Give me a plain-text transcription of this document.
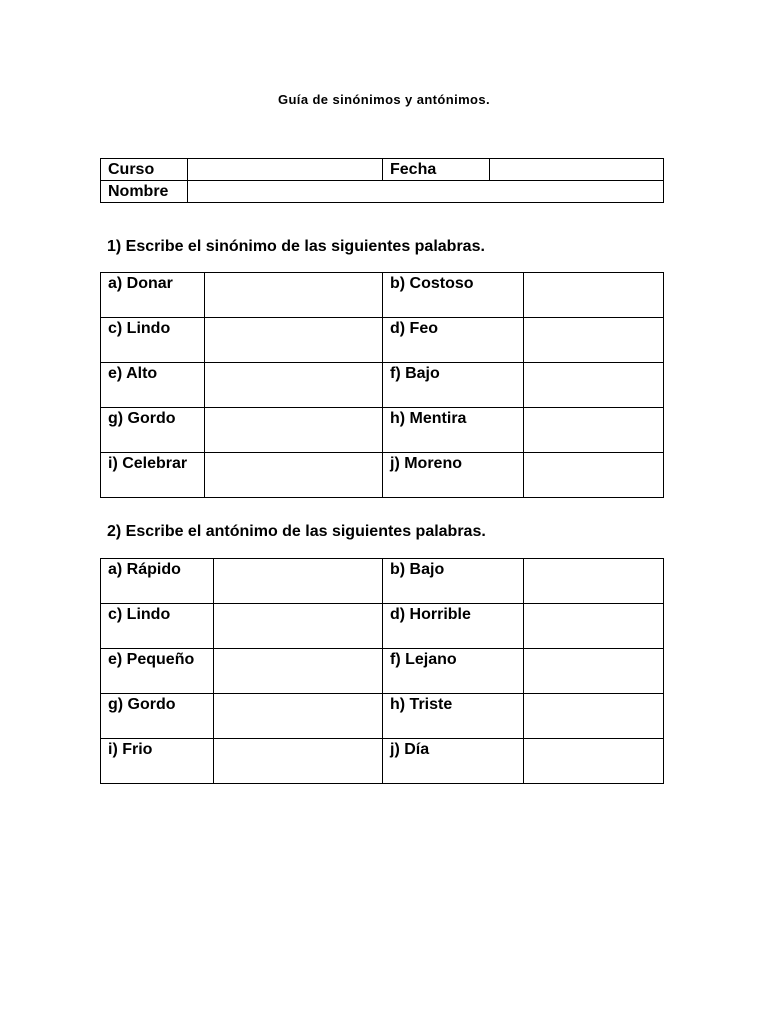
Guía de sinónimos y antónimos.
Curso		Fecha	
Nombre			
1) Escribe el sinónimo de las siguientes palabras.
a) Donar		b) Costoso	
c) Lindo		d) Feo	
e) Alto		f) Bajo	
g) Gordo		h) Mentira	
i) Celebrar		j) Moreno	
2) Escribe el antónimo de las siguientes palabras.
a) Rápido		b) Bajo	
c) Lindo		d) Horrible	
e) Pequeño		f) Lejano	
g) Gordo		h) Triste	
i) Frio		j) Día	
